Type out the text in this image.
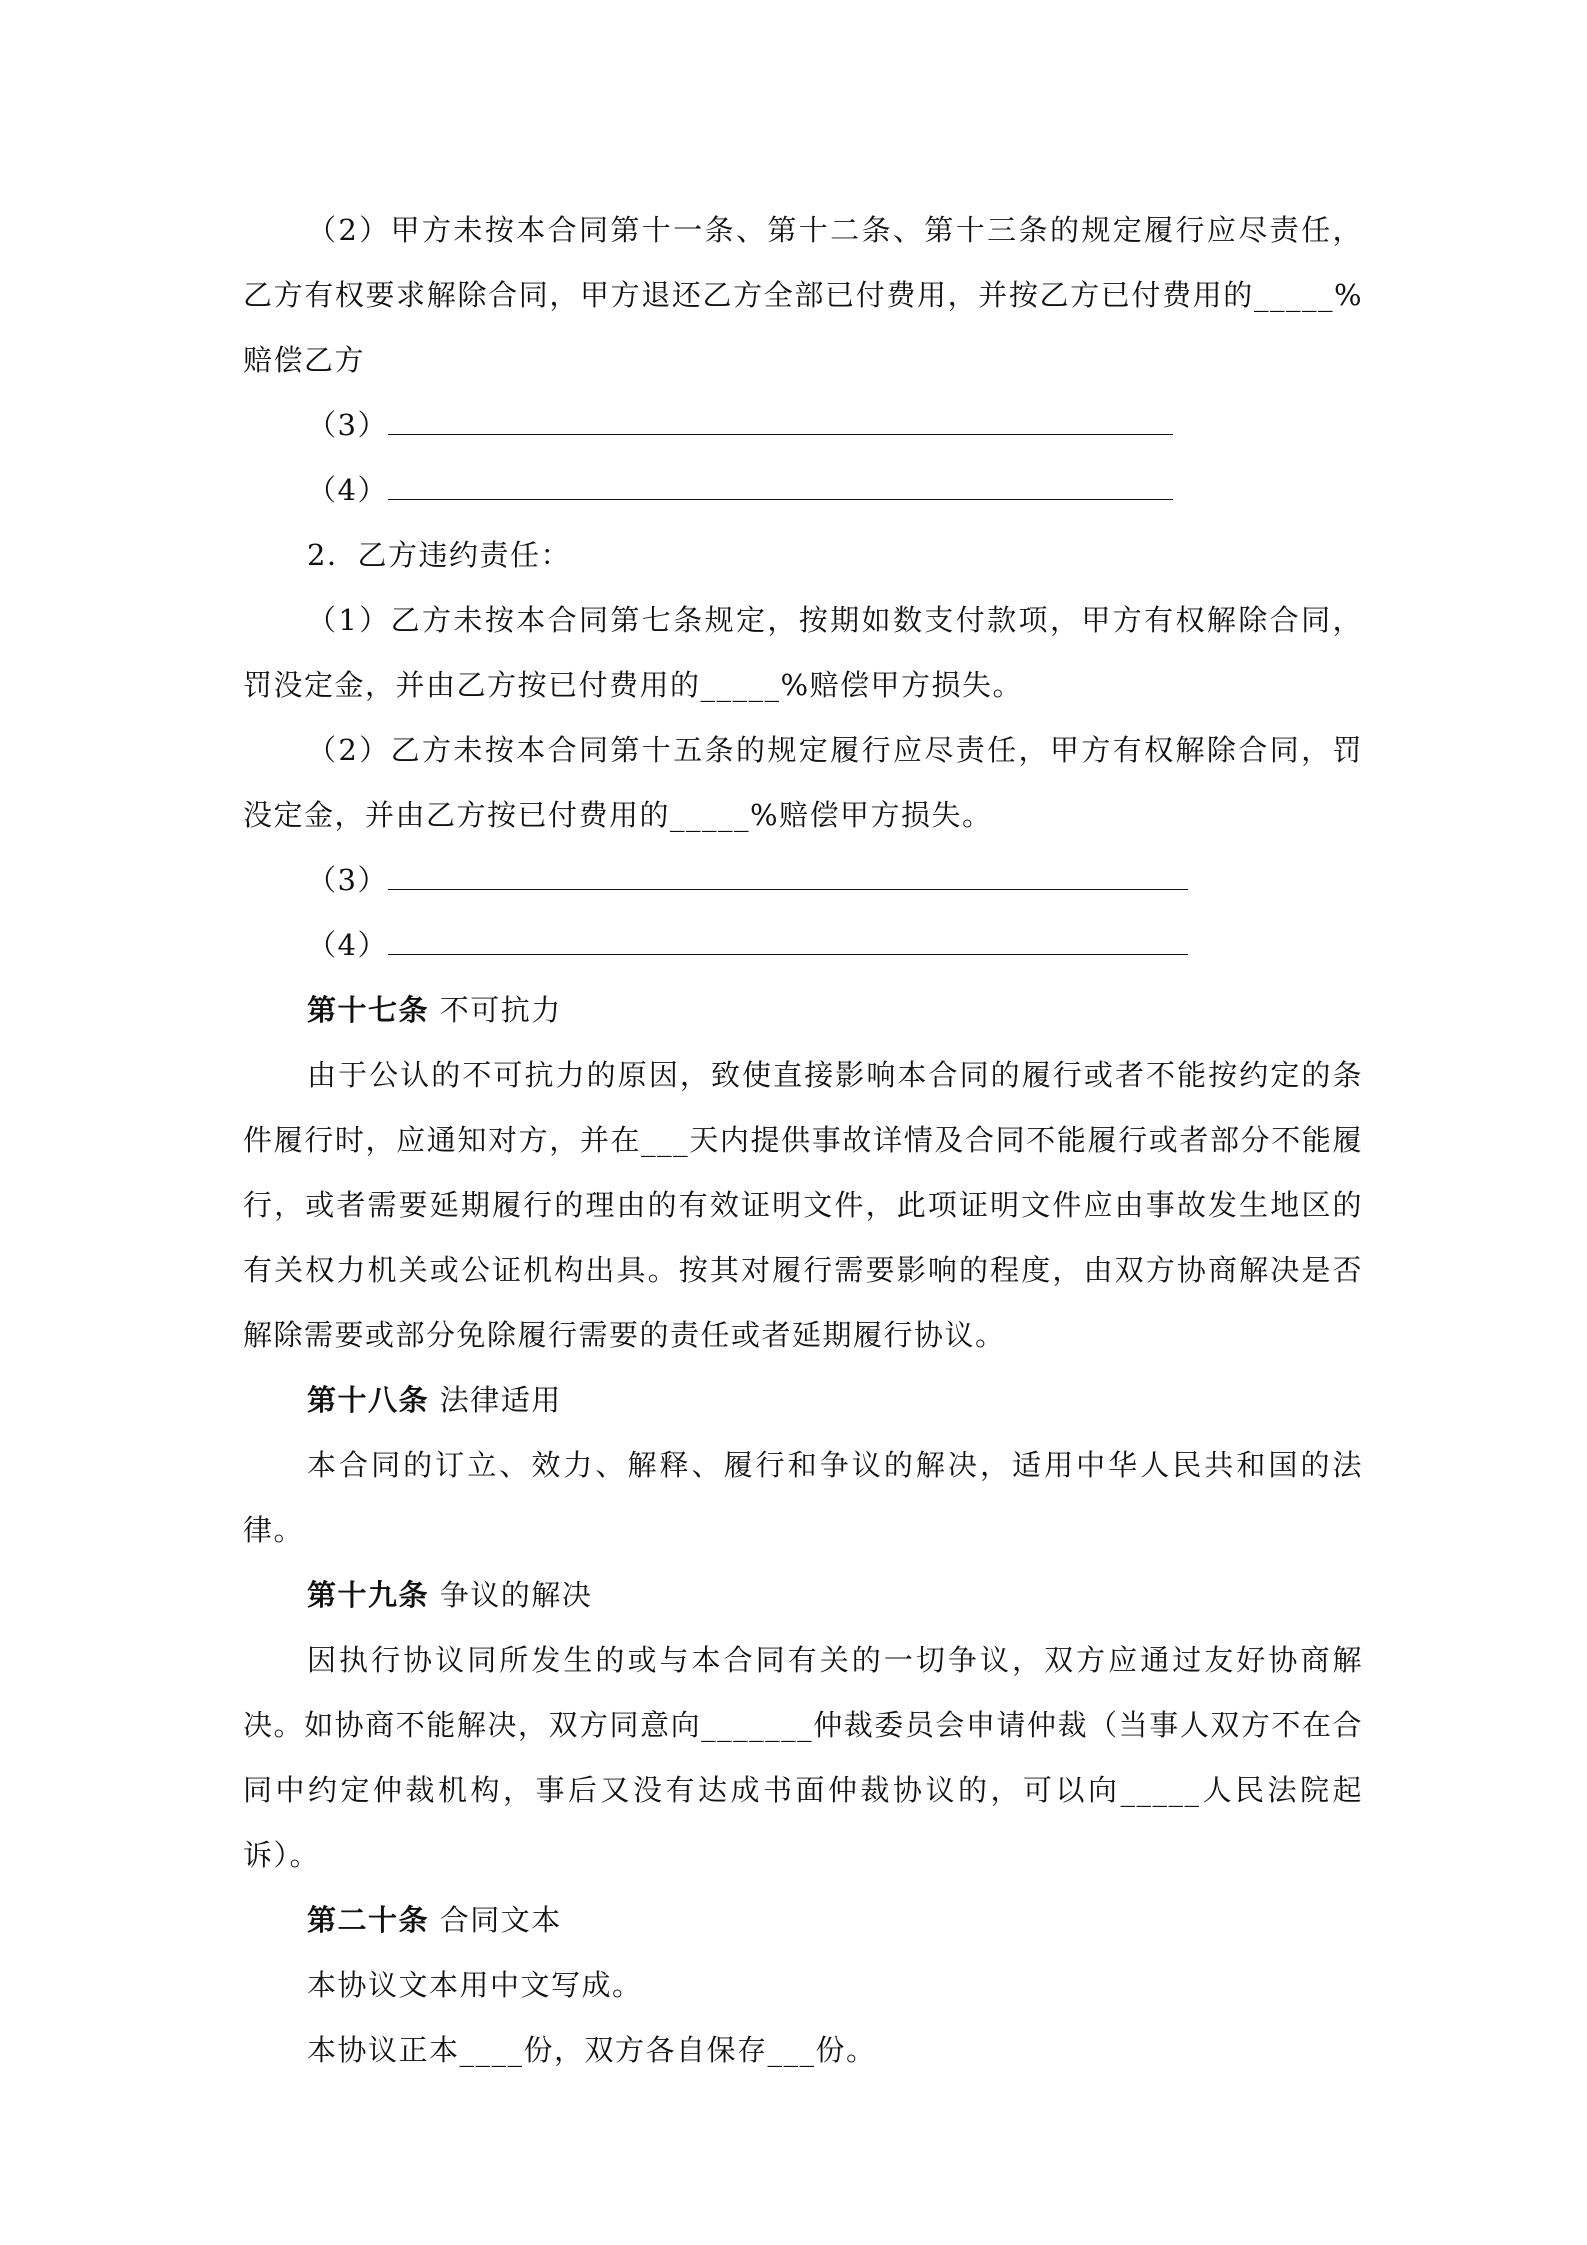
（2）甲方未按本合同第十一条、第十二条、第十三条的规定履行应尽责任，乙方有权要求解除合同，甲方退还乙方全部已付费用，并按乙方已付费用的_____%赔偿乙方

（3）

（4）

2．乙方违约责任：

（1）乙方未按本合同第七条规定，按期如数支付款项，甲方有权解除合同，罚没定金，并由乙方按已付费用的_____%赔偿甲方损失。

（2）乙方未按本合同第十五条的规定履行应尽责任，甲方有权解除合同，罚没定金，并由乙方按已付费用的_____%赔偿甲方损失。

（3）

（4）

第十七条 不可抗力

由于公认的不可抗力的原因，致使直接影响本合同的履行或者不能按约定的条件履行时，应通知对方，并在___天内提供事故详情及合同不能履行或者部分不能履行，或者需要延期履行的理由的有效证明文件，此项证明文件应由事故发生地区的有关权力机关或公证机构出具。按其对履行需要影响的程度，由双方协商解决是否解除需要或部分免除履行需要的责任或者延期履行协议。

第十八条 法律适用

本合同的订立、效力、解释、履行和争议的解决，适用中华人民共和国的法律。

第十九条 争议的解决

因执行协议同所发生的或与本合同有关的一切争议，双方应通过友好协商解决。如协商不能解决，双方同意向_______仲裁委员会申请仲裁（当事人双方不在合同中约定仲裁机构，事后又没有达成书面仲裁协议的，可以向_____人民法院起诉）。

第二十条 合同文本

本协议文本用中文写成。

本协议正本____份，双方各自保存___份。
